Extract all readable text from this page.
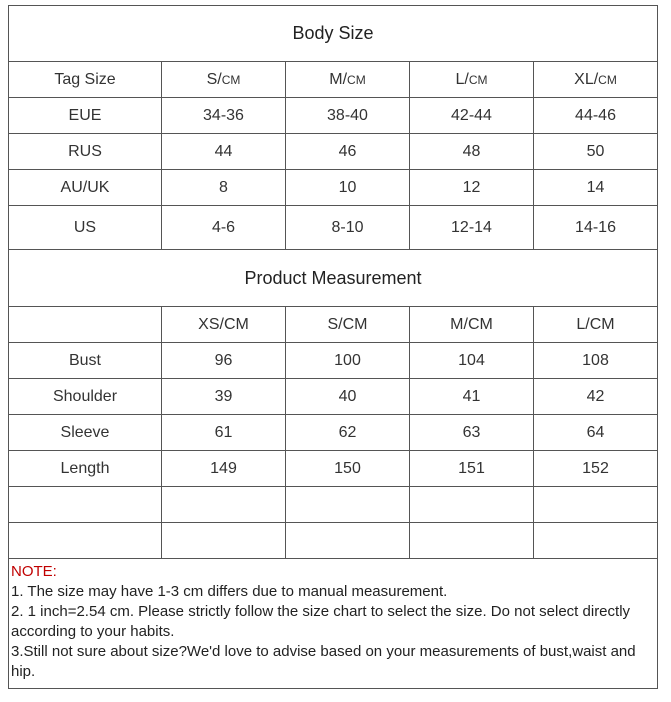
Body Size				
Tag Size	S/CM	M/CM	L/CM	XL/CM
EUE	34-36	38-40	42-44	44-46
RUS	44	46	48	50
AU/UK	8	10	12	14
US	4-6	8-10	12-14	14-16
Product Measurement				
	XS/CM	S/CM	M/CM	L/CM
Bust	96	100	104	108
Shoulder	39	40	41	42
Sleeve	61	62	63	64
Length	149	150	151	152

NOTE:
1. The size may have 1-3 cm differs due to manual measurement.
2. 1 inch=2.54 cm. Please strictly follow the size chart to select the size. Do not select directly according to your habits.
3.Still not sure about size?We'd love to advise based on your measurements of bust,waist and hip.				
